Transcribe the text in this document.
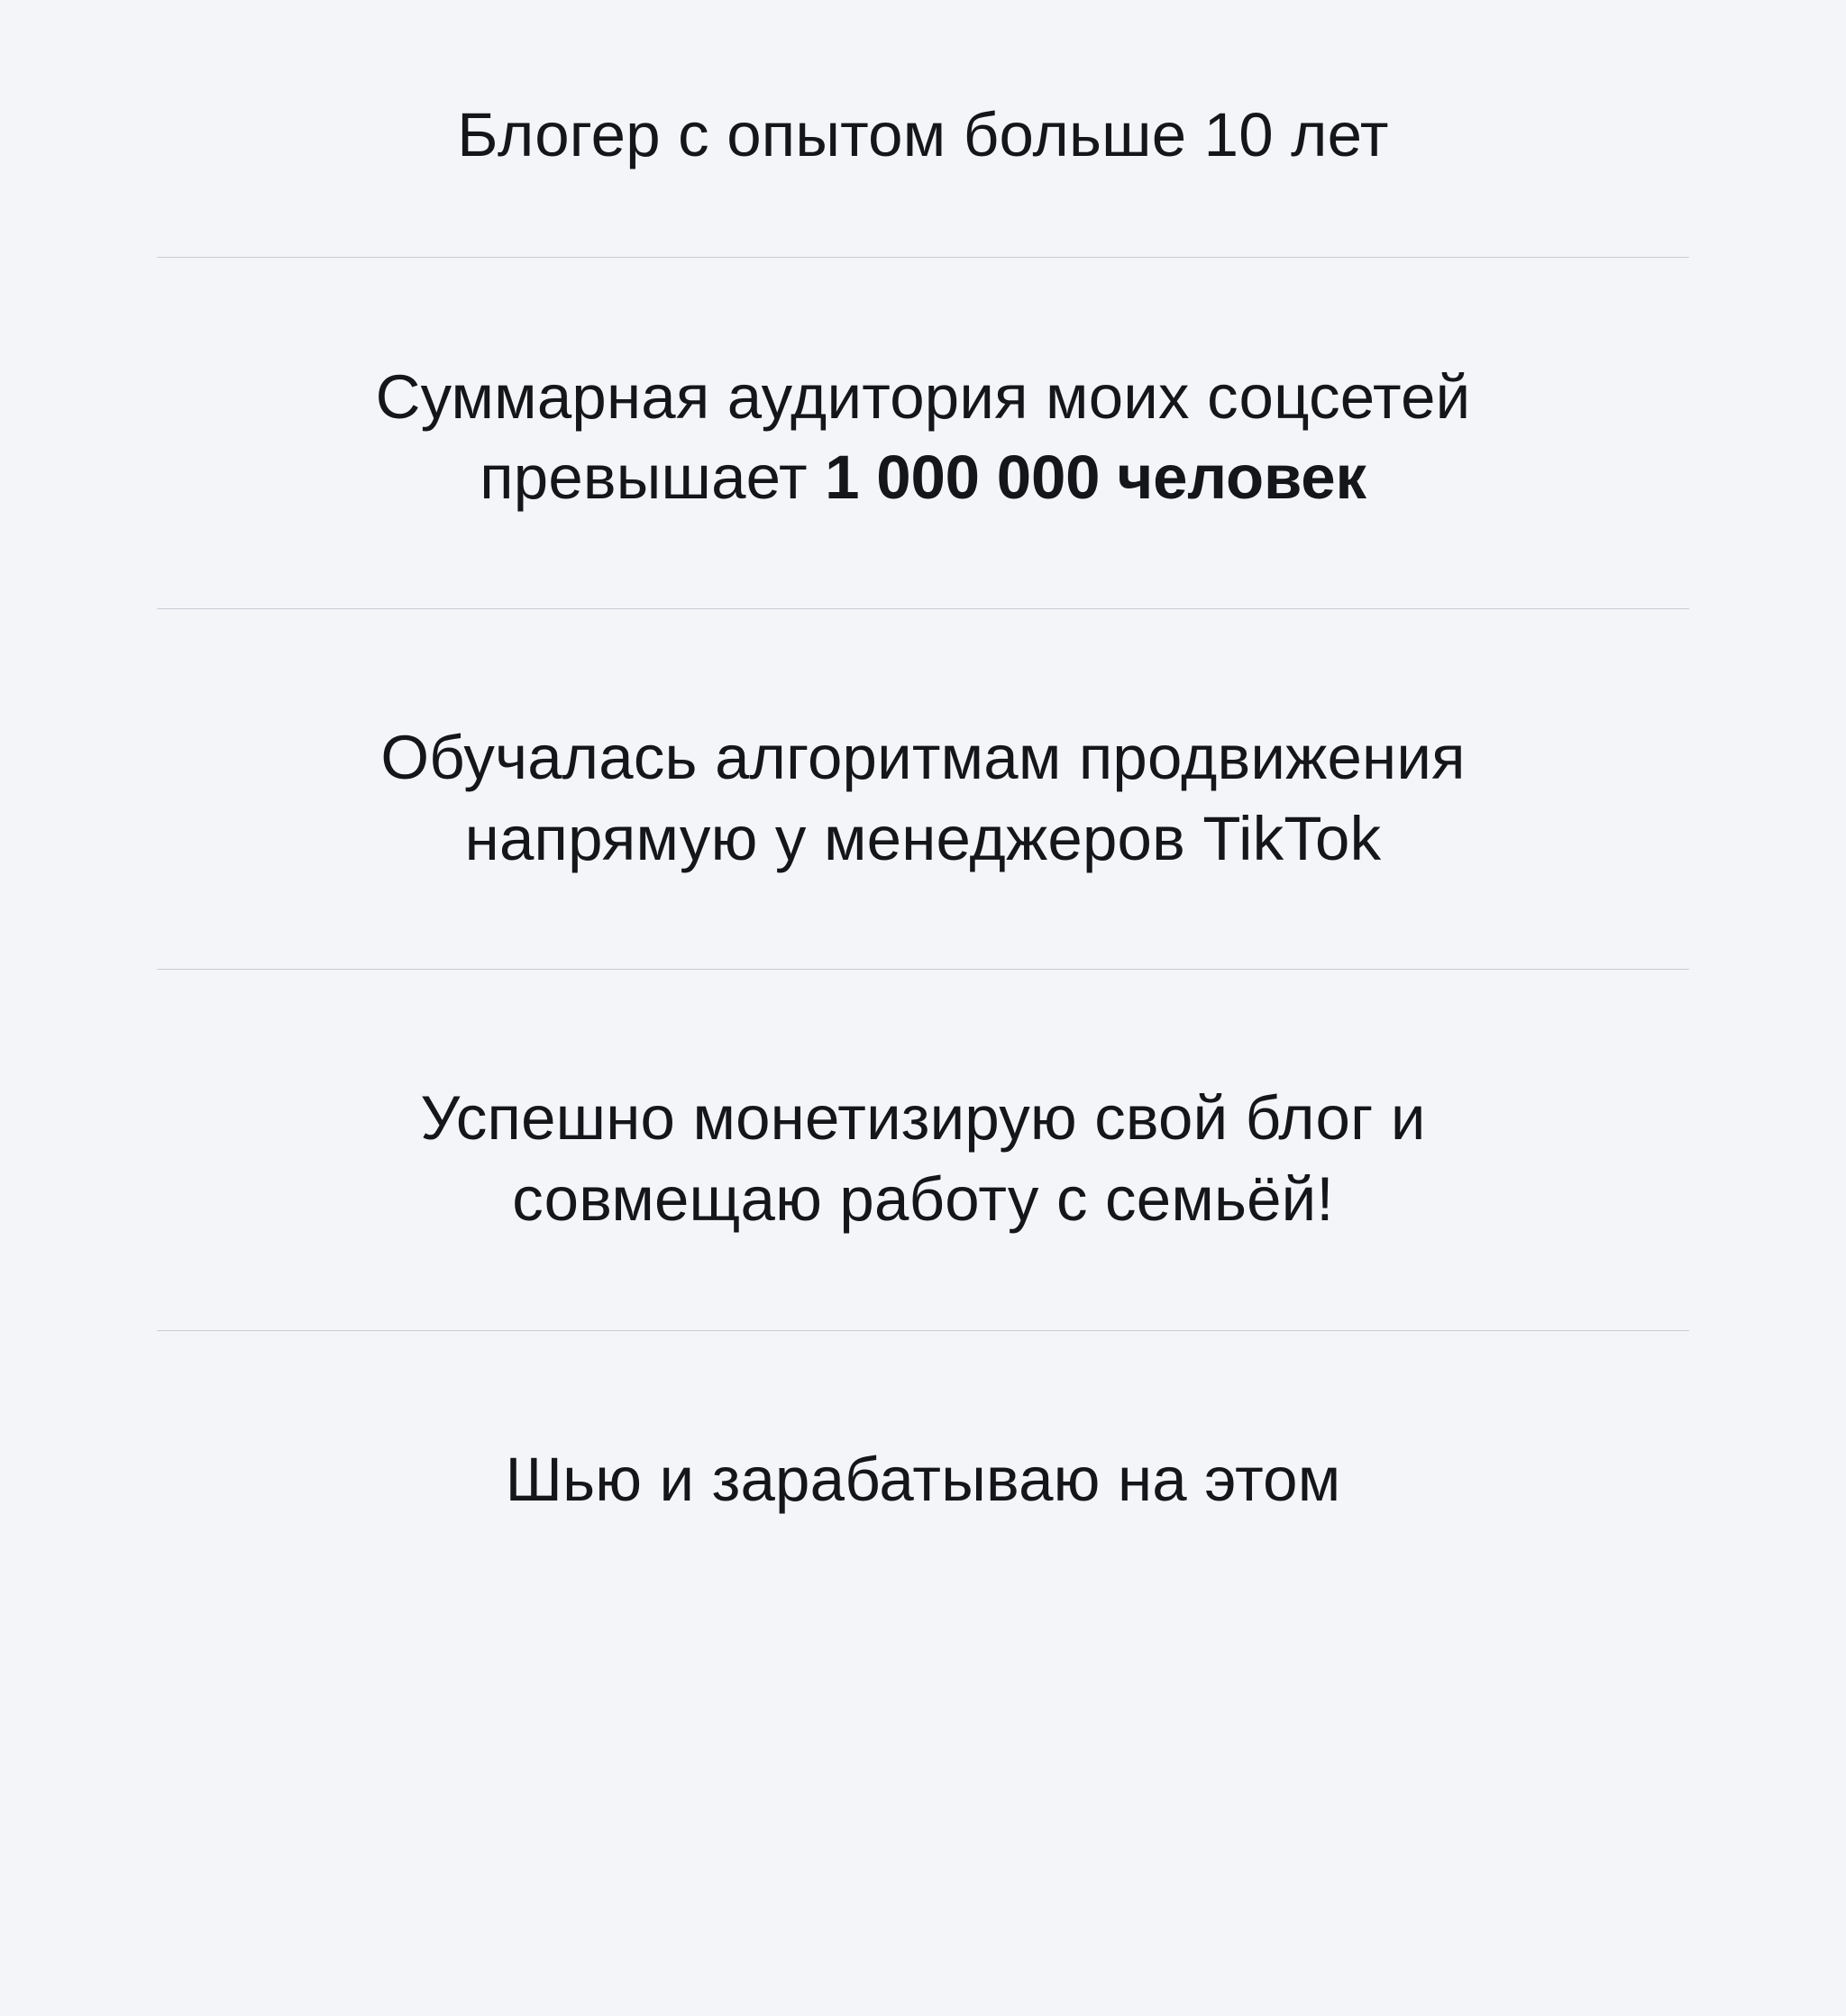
Блогер с опытом больше 10 лет
Суммарная аудитория моих соцсетей
превышает 1 000 000 человек
Обучалась алгоритмам продвижения
напрямую у менеджеров TikTok
Успешно монетизирую свой блог и
совмещаю работу с семьёй!
Шью и зарабатываю на этом
